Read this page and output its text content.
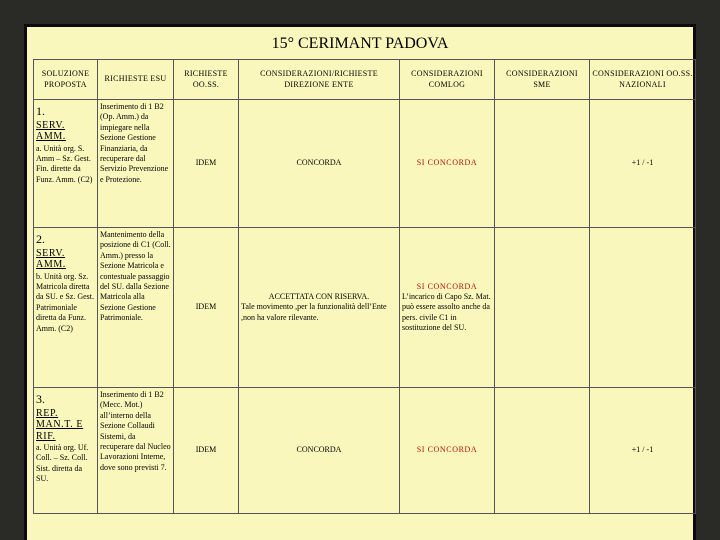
15° CERIMANT PADOVA
SOLUZIONE PROPOSTA	RICHIESTE ESU	RICHIESTE OO.SS.	CONSIDERAZIONI/RICHIESTE DIREZIONE ENTE	CONSIDERAZIONI COMLOG	CONSIDERAZIONI SME	CONSIDERAZIONI OO.SS. NAZIONALI

1.
SERV. AMM.
a. Unità org. S. Amm – Sz. Gest. Fin. dirette da Funz. Amm. (C2)	Inserimento di 1 B2 (Op. Amm.) da impiegare nella Sezione Gestione Finanziaria, da recuperare dal Servizio Prevenzione e Protezione.	IDEM	CONCORDA	SI CONCORDA		+1 / -1

2.
SERV. AMM.
b. Unità org. Sz. Matricola diretta da SU. e Sz. Gest. Patrimoniale diretta da Funz. Amm. (C2)	Mantenimento della posizione di C1 (Coll. Amm.) presso la Sezione Matricola e contestuale passaggio del SU. dalla Sezione Matricola alla Sezione Gestione Patrimoniale.	IDEM	ACCETTATA CON RISERVA.
Tale movimento ,per la funzionalità dell’Ente ,non ha valore rilevante.	SI CONCORDA
L’incarico di Capo Sz. Mat. può essere assolto anche da pers. civile C1 in sostituzione del SU.		

3.
REP. MAN.T. E RIF.
a. Unità org. Uf. Coll. – Sz. Coll. Sist. diretta da SU.	Inserimento di 1 B2 (Mecc. Mot.) all’interno della Sezione Collaudi Sistemi, da recuperare dal Nucleo Lavorazioni Interne, dove sono previsti 7.	IDEM	CONCORDA	SI CONCORDA		+1 / -1
